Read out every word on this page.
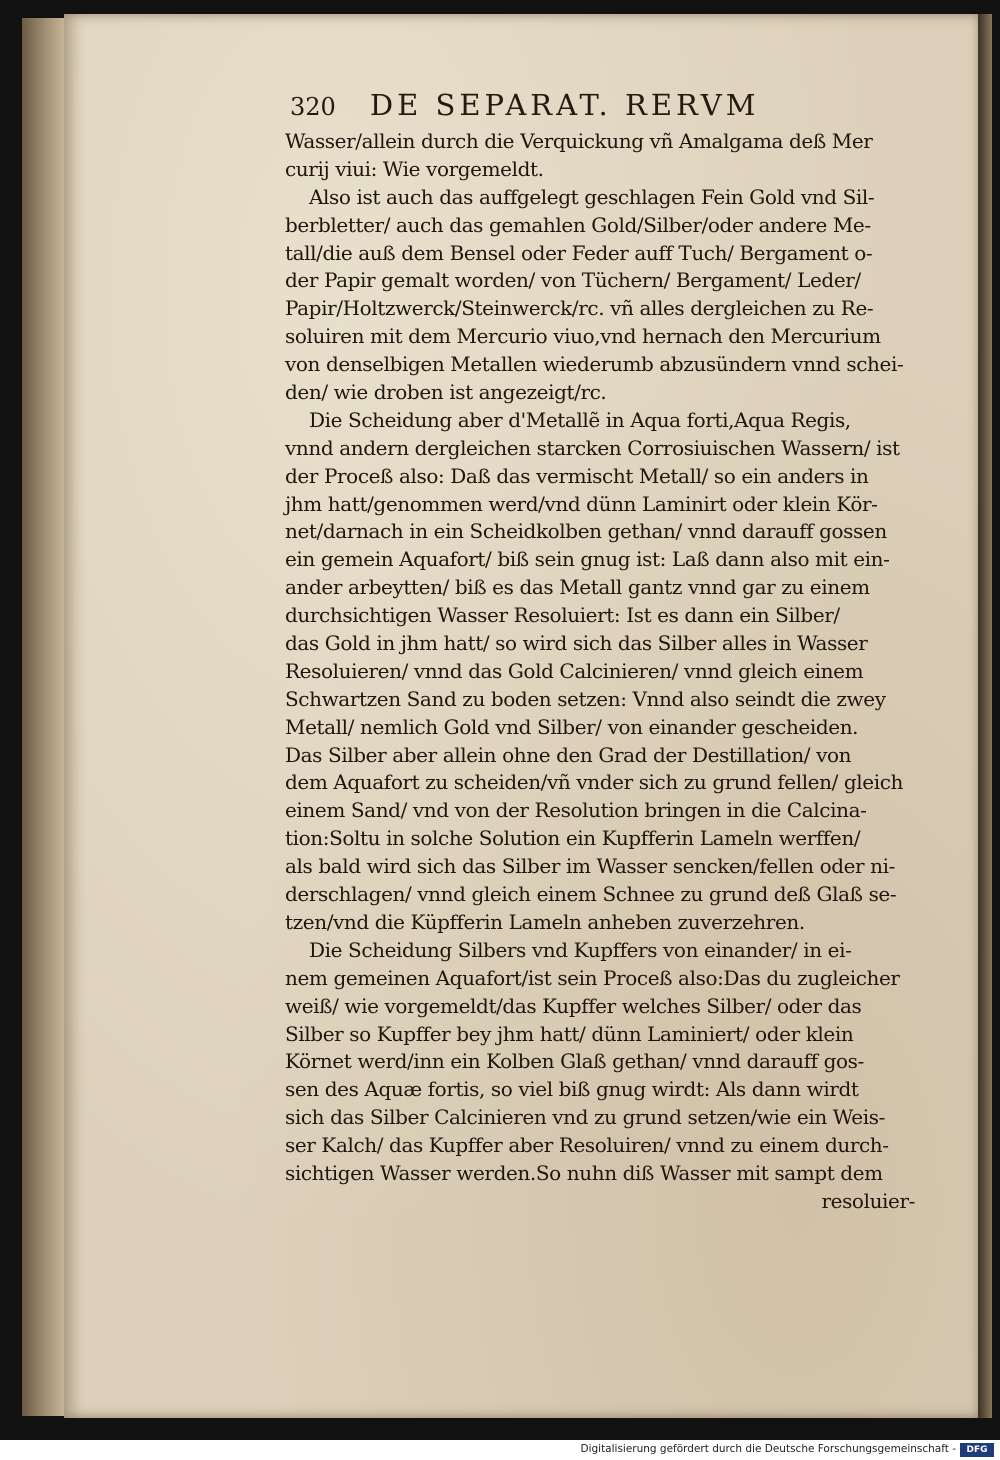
320 DE SEPARAT. RERVM
Wasser/allein durch die Verquickung vñ Amalgama deß Mer
curij viui: Wie vorgemeldt.
Also ist auch das auffgelegt geschlagen Fein Gold vnd Sil-
berbletter/ auch das gemahlen Gold/Silber/oder andere Me-
tall/die auß dem Bensel oder Feder auff Tuch/ Bergament o-
der Papir gemalt worden/ von Tüchern/ Bergament/ Leder/
Papir/Holtzwerck/Steinwerck/rc. vñ alles dergleichen zu Re-
soluiren mit dem Mercurio viuo,vnd hernach den Mercurium
von denselbigen Metallen wiederumb abzusündern vnnd schei-
den/ wie droben ist angezeigt/rc.
Die Scheidung aber d'Metallẽ in Aqua forti,Aqua Regis,
vnnd andern dergleichen starcken Corrosiuischen Wassern/ ist
der Proceß also: Daß das vermischt Metall/ so ein anders in
jhm hatt/genommen werd/vnd dünn Laminirt oder klein Kör-
net/darnach in ein Scheidkolben gethan/ vnnd darauff gossen
ein gemein Aquafort/ biß sein gnug ist: Laß dann also mit ein-
ander arbeytten/ biß es das Metall gantz vnnd gar zu einem
durchsichtigen Wasser Resoluiert: Ist es dann ein Silber/
das Gold in jhm hatt/ so wird sich das Silber alles in Wasser
Resoluieren/ vnnd das Gold Calcinieren/ vnnd gleich einem
Schwartzen Sand zu boden setzen: Vnnd also seindt die zwey
Metall/ nemlich Gold vnd Silber/ von einander gescheiden.
Das Silber aber allein ohne den Grad der Destillation/ von
dem Aquafort zu scheiden/vñ vnder sich zu grund fellen/ gleich
einem Sand/ vnd von der Resolution bringen in die Calcina-
tion:Soltu in solche Solution ein Kupfferin Lameln werffen/
als bald wird sich das Silber im Wasser sencken/fellen oder ni-
derschlagen/ vnnd gleich einem Schnee zu grund deß Glaß se-
tzen/vnd die Küpfferin Lameln anheben zuverzehren.
Die Scheidung Silbers vnd Kupffers von einander/ in ei-
nem gemeinen Aquafort/ist sein Proceß also:Das du zugleicher
weiß/ wie vorgemeldt/das Kupffer welches Silber/ oder das
Silber so Kupffer bey jhm hatt/ dünn Laminiert/ oder klein
Körnet werd/inn ein Kolben Glaß gethan/ vnnd darauff gos-
sen des Aquæ fortis, so viel biß gnug wirdt: Als dann wirdt
sich das Silber Calcinieren vnd zu grund setzen/wie ein Weis-
ser Kalch/ das Kupffer aber Resoluiren/ vnnd zu einem durch-
sichtigen Wasser werden.So nuhn diß Wasser mit sampt dem
resoluier-
Digitalisierung gefördert durch die Deutsche Forschungsgemeinschaft -	DFG
